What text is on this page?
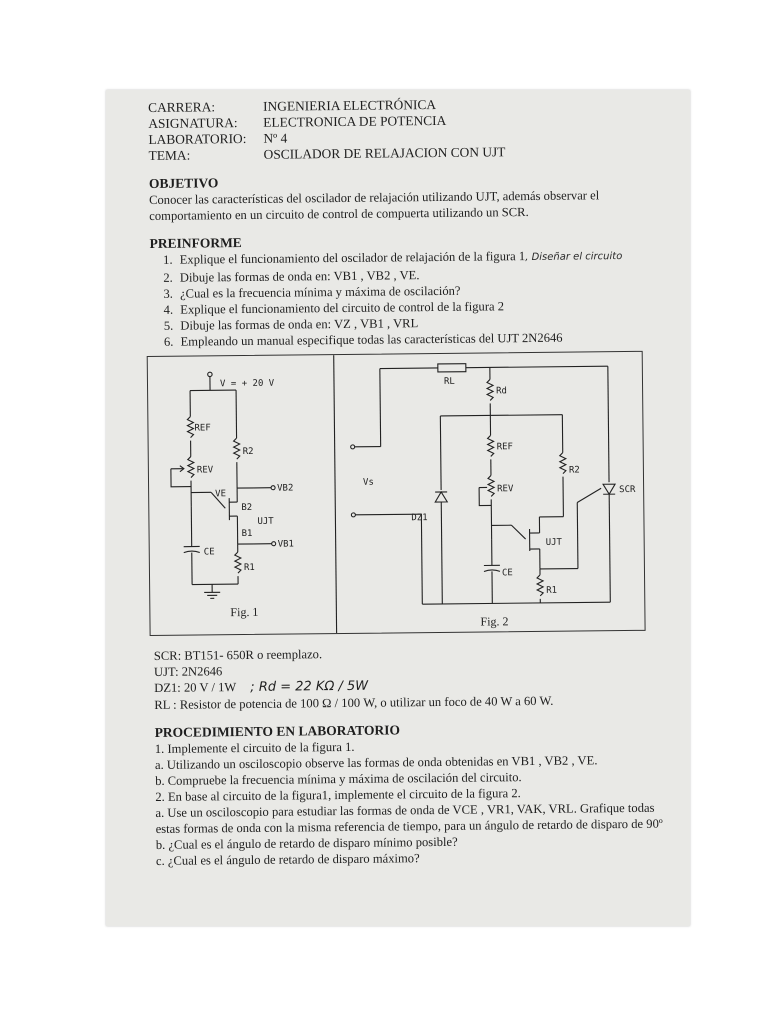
CARRERA:	INGENIERIA ELECTRÓNICA
ASIGNATURA:	ELECTRONICA DE POTENCIA
LABORATORIO:	Nº 4
TEMA:	OSCILADOR DE RELAJACION CON UJT
OBJETIVO
Conocer las características del oscilador de relajación utilizando UJT, además observar el comportamiento en un circuito de control de compuerta utilizando un SCR.
PREINFORME
1. Explique el funcionamiento del oscilador de relajación de la figura 1, Diseñar el circuito
2. Dibuje las formas de onda en: VB1 , VB2 , VE.
3. ¿Cual es la frecuencia mínima y máxima de oscilación?
4. Explique el funcionamiento del circuito de control de la figura 2
5. Dibuje las formas de onda en: VZ , VB1 , VRL
6. Empleando un manual especifique todas las características del UJT 2N2646
V = + 20 V
REF
REV
R2
VE
VB2
B2
UJT
B1
VB1
CE
R1
Fig. 1
RL
Rd
Vs
REF
R2
REV
DZ1
SCR
UJT
CE
R1
Fig. 2
SCR: BT151- 650R o reemplazo.
UJT: 2N2646
DZ1: 20 V / 1W ; Rd = 22 KΩ / 5W
RL : Resistor de potencia de 100 Ω / 100 W, o utilizar un foco de 40 W a 60 W.
PROCEDIMIENTO EN LABORATORIO
1. Implemente el circuito de la figura 1.
a. Utilizando un osciloscopio observe las formas de onda obtenidas en VB1 , VB2 , VE.
b. Compruebe la frecuencia mínima y máxima de oscilación del circuito.
2. En base al circuito de la figura1, implemente el circuito de la figura 2.
a. Use un osciloscopio para estudiar las formas de onda de VCE , VR1, VAK, VRL. Grafique todas estas formas de onda con la misma referencia de tiempo, para un ángulo de retardo de disparo de 90º
b. ¿Cual es el ángulo de retardo de disparo mínimo posible?
c. ¿Cual es el ángulo de retardo de disparo máximo?
